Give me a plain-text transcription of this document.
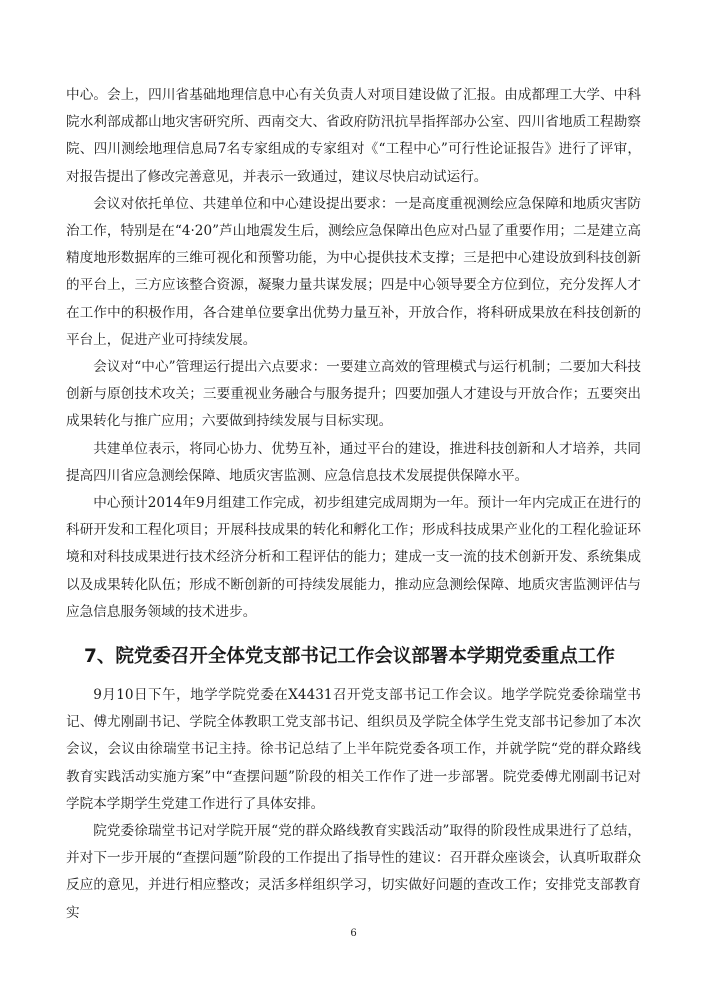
中心。会上，四川省基础地理信息中心有关负责人对项目建设做了汇报。由成都理工大学、中科院水利部成都山地灾害研究所、西南交大、省政府防汛抗旱指挥部办公室、四川省地质工程勘察院、四川测绘地理信息局7名专家组成的专家组对《“工程中心”可行性论证报告》进行了评审，对报告提出了修改完善意见，并表示一致通过，建议尽快启动试运行。

会议对依托单位、共建单位和中心建设提出要求：一是高度重视测绘应急保障和地质灾害防治工作，特别是在“4·20”芦山地震发生后，测绘应急保障出色应对凸显了重要作用；二是建立高精度地形数据库的三维可视化和预警功能，为中心提供技术支撑；三是把中心建设放到科技创新的平台上，三方应该整合资源，凝聚力量共谋发展；四是中心领导要全方位到位，充分发挥人才在工作中的积极作用，各合建单位要拿出优势力量互补，开放合作，将科研成果放在科技创新的平台上，促进产业可持续发展。

会议对“中心”管理运行提出六点要求：一要建立高效的管理模式与运行机制；二要加大科技创新与原创技术攻关；三要重视业务融合与服务提升；四要加强人才建设与开放合作；五要突出成果转化与推广应用；六要做到持续发展与目标实现。

共建单位表示，将同心协力、优势互补，通过平台的建设，推进科技创新和人才培养，共同提高四川省应急测绘保障、地质灾害监测、应急信息技术发展提供保障水平。

中心预计2014年9月组建工作完成，初步组建完成周期为一年。预计一年内完成正在进行的科研开发和工程化项目；开展科技成果的转化和孵化工作；形成科技成果产业化的工程化验证环境和对科技成果进行技术经济分析和工程评估的能力；建成一支一流的技术创新开发、系统集成以及成果转化队伍；形成不断创新的可持续发展能力，推动应急测绘保障、地质灾害监测评估与应急信息服务领域的技术进步。

7、院党委召开全体党支部书记工作会议部署本学期党委重点工作

9月10日下午，地学学院党委在X4431召开党支部书记工作会议。地学学院党委徐瑞堂书记、傅尤刚副书记、学院全体教职工党支部书记、组织员及学院全体学生党支部书记参加了本次会议，会议由徐瑞堂书记主持。徐书记总结了上半年院党委各项工作，并就学院“党的群众路线教育实践活动实施方案”中“查摆问题”阶段的相关工作作了进一步部署。院党委傅尤刚副书记对学院本学期学生党建工作进行了具体安排。

院党委徐瑞堂书记对学院开展“党的群众路线教育实践活动”取得的阶段性成果进行了总结，并对下一步开展的“查摆问题”阶段的工作提出了指导性的建议：召开群众座谈会，认真听取群众反应的意见，并进行相应整改；灵活多样组织学习，切实做好问题的查改工作；安排党支部教育实

6
